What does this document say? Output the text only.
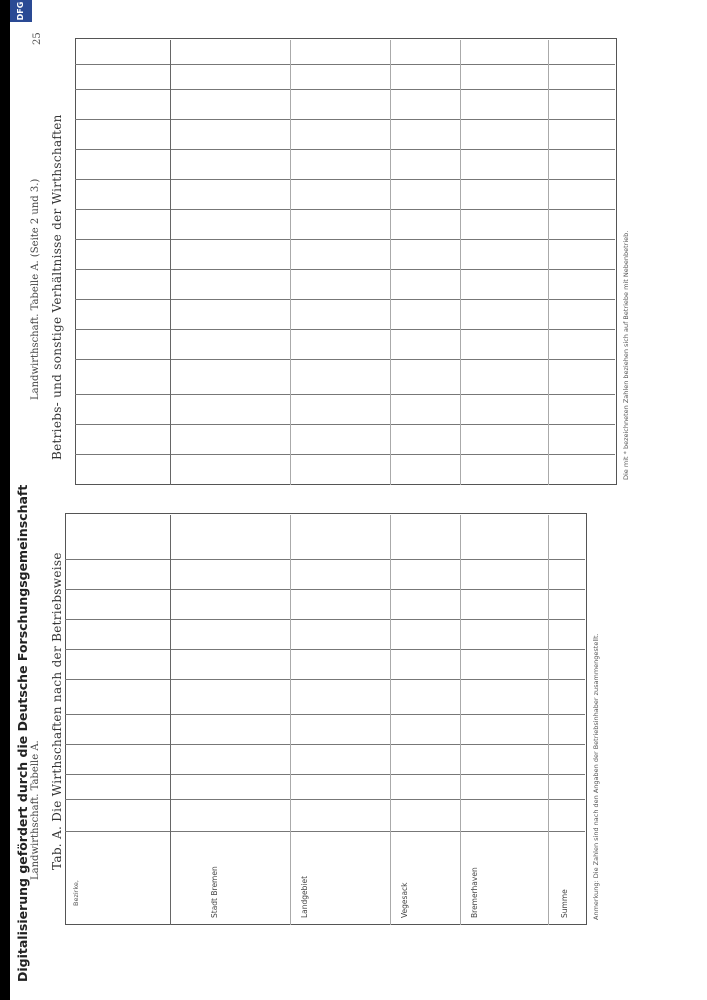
Digitalisierung gefördert durch die Deutsche Forschungsgemeinschaft
DFG
Landwirthschaft. Tabelle A. Tab. A. Die Wirthschaften nach der Betriebsweise
Bezirke,	Stadt Bremen	Landgebiet	Vegesack	Bremerhaven	Summe	Anmerkung: Die Zahlen sind nach den Angaben der Betriebsinhaber zusammengestellt.
Landwirthschaft. Tabelle A. (Seite 2 und 3.) Betriebs- und sonstige Verhältnisse der Wirthschaften
25
Die mit * bezeichneten Zahlen beziehen sich auf Betriebe mit Nebenbetrieb.
